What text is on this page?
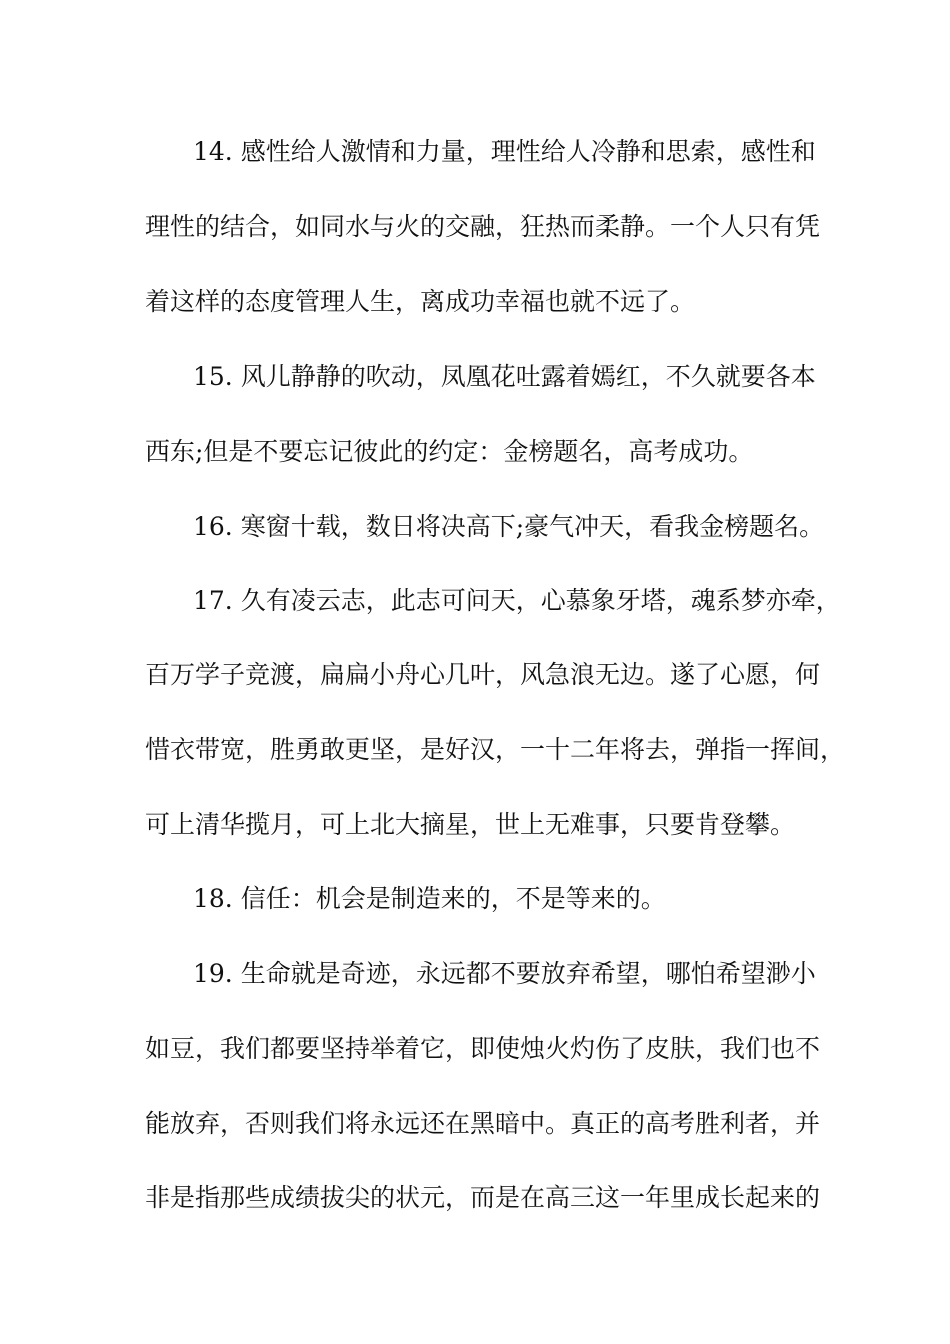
14. 感性给人激情和力量，理性给人冷静和思索，感性和
理性的结合，如同水与火的交融，狂热而柔静。一个人只有凭
着这样的态度管理人生，离成功幸福也就不远了。
15. 风儿静静的吹动，凤凰花吐露着嫣红，不久就要各本
西东;但是不要忘记彼此的约定：金榜题名，高考成功。
16. 寒窗十载，数日将决高下;豪气冲天，看我金榜题名。
17. 久有凌云志，此志可问天，心慕象牙塔，魂系梦亦牵，
百万学子竞渡，扁扁小舟心几叶，风急浪无边。遂了心愿，何
惜衣带宽，胜勇敢更坚，是好汉，一十二年将去，弹指一挥间，
可上清华揽月，可上北大摘星，世上无难事，只要肯登攀。
18. 信任：机会是制造来的，不是等来的。
19. 生命就是奇迹，永远都不要放弃希望，哪怕希望渺小
如豆，我们都要坚持举着它，即使烛火灼伤了皮肤，我们也不
能放弃，否则我们将永远还在黑暗中。真正的高考胜利者，并
非是指那些成绩拔尖的状元，而是在高三这一年里成长起来的
